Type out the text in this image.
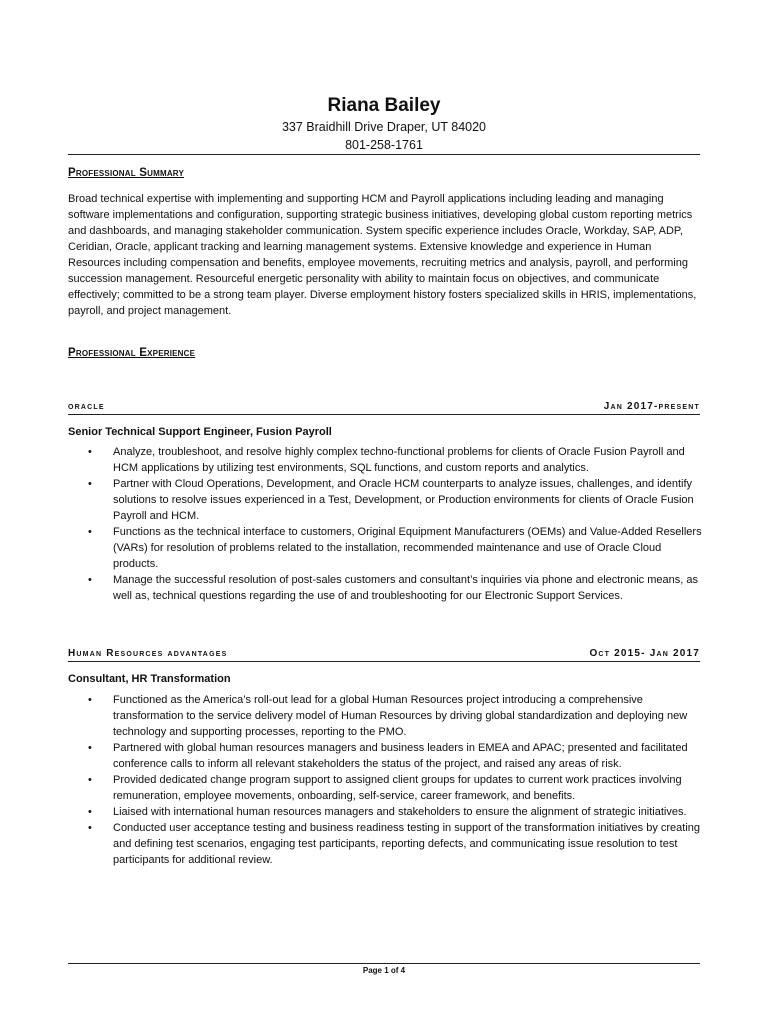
Riana Bailey
337 Braidhill Drive Draper, UT 84020
801-258-1761
Professional Summary
Broad technical expertise with implementing and supporting HCM and Payroll applications including leading and managing software implementations and configuration, supporting strategic business initiatives, developing global custom reporting metrics and dashboards, and managing stakeholder communication. System specific experience includes Oracle, Workday, SAP, ADP, Ceridian, Oracle, applicant tracking and learning management systems. Extensive knowledge and experience in Human Resources including compensation and benefits, employee movements, recruiting metrics and analysis, payroll, and performing succession management. Resourceful energetic personality with ability to maintain focus on objectives, and communicate effectively; committed to be a strong team player. Diverse employment history fosters specialized skills in HRIS, implementations, payroll, and project management.
Professional Experience
oracle	Jan 2017-present
Senior Technical Support Engineer, Fusion Payroll
• Analyze, troubleshoot, and resolve highly complex techno-functional problems for clients of Oracle Fusion Payroll and HCM applications by utilizing test environments, SQL functions, and custom reports and analytics.
• Partner with Cloud Operations, Development, and Oracle HCM counterparts to analyze issues, challenges, and identify solutions to resolve issues experienced in a Test, Development, or Production environments for clients of Oracle Fusion Payroll and HCM.
• Functions as the technical interface to customers, Original Equipment Manufacturers (OEMs) and Value-Added Resellers (VARs) for resolution of problems related to the installation, recommended maintenance and use of Oracle Cloud products.
• Manage the successful resolution of post-sales customers and consultant’s inquiries via phone and electronic means, as well as, technical questions regarding the use of and troubleshooting for our Electronic Support Services.
Human Resources advantages	Oct 2015- Jan 2017
Consultant, HR Transformation
• Functioned as the America’s roll-out lead for a global Human Resources project introducing a comprehensive transformation to the service delivery model of Human Resources by driving global standardization and deploying new technology and supporting processes, reporting to the PMO.
• Partnered with global human resources managers and business leaders in EMEA and APAC; presented and facilitated conference calls to inform all relevant stakeholders the status of the project, and raised any areas of risk.
• Provided dedicated change program support to assigned client groups for updates to current work practices involving remuneration, employee movements, onboarding, self-service, career framework, and benefits.
• Liaised with international human resources managers and stakeholders to ensure the alignment of strategic initiatives.
• Conducted user acceptance testing and business readiness testing in support of the transformation initiatives by creating and defining test scenarios, engaging test participants, reporting defects, and communicating issue resolution to test participants for additional review.
Page 1 of 4
